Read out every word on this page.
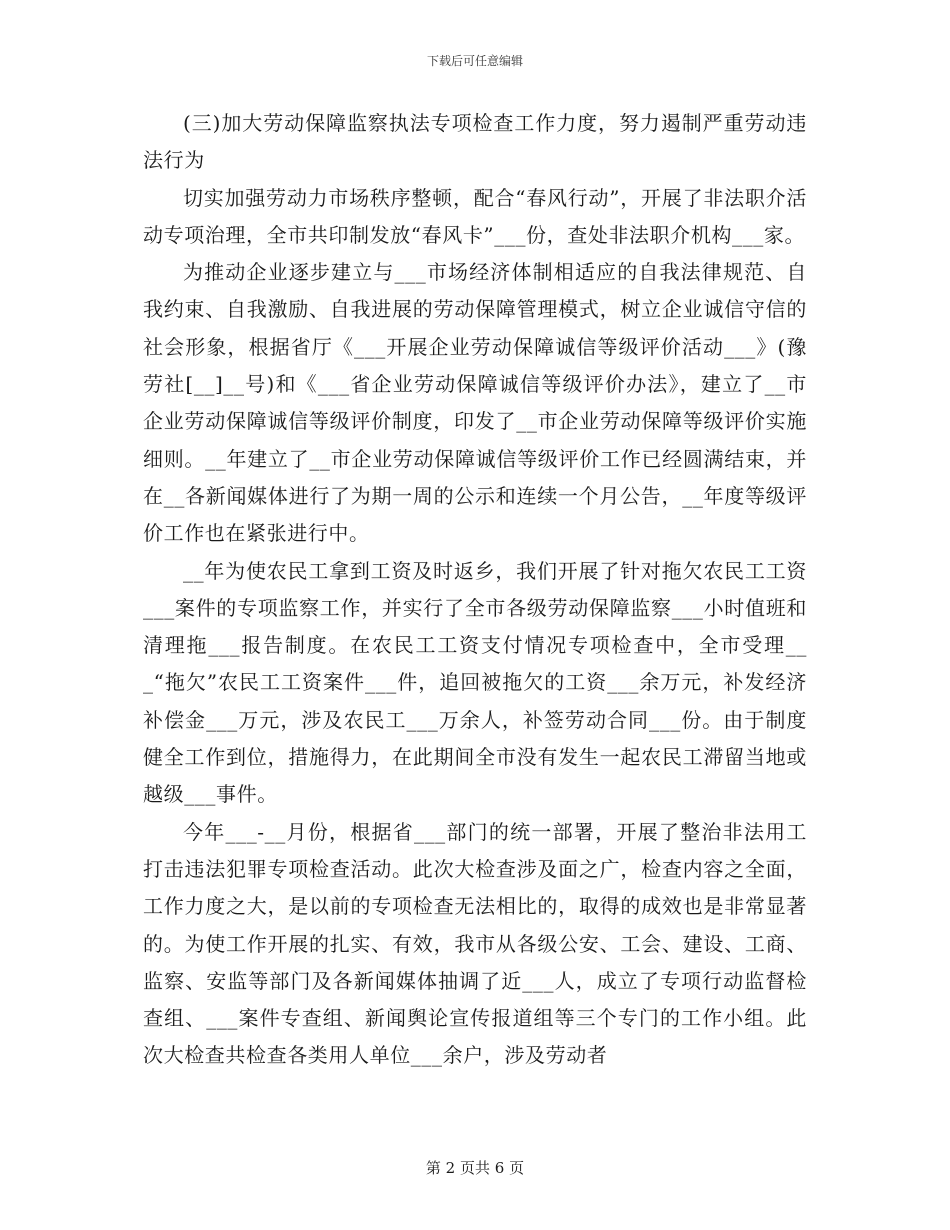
下载后可任意编辑

(三)加大劳动保障监察执法专项检查工作力度，努力遏制严重劳动违法行为

切实加强劳动力市场秩序整顿，配合“春风行动”，开展了非法职介活动专项治理，全市共印制发放“春风卡”___份，查处非法职介机构___家。

为推动企业逐步建立与___市场经济体制相适应的自我法律规范、自我约束、自我激励、自我进展的劳动保障管理模式，树立企业诚信守信的社会形象，根据省厅《___开展企业劳动保障诚信等级评价活动___》(豫劳社[__]__号)和《___省企业劳动保障诚信等级评价办法》，建立了__市企业劳动保障诚信等级评价制度，印发了__市企业劳动保障等级评价实施细则。__年建立了__市企业劳动保障诚信等级评价工作已经圆满结束，并在__各新闻媒体进行了为期一周的公示和连续一个月公告，__年度等级评价工作也在紧张进行中。

__年为使农民工拿到工资及时返乡，我们开展了针对拖欠农民工工资___案件的专项监察工作，并实行了全市各级劳动保障监察___小时值班和清理拖___报告制度。在农民工工资支付情况专项检查中，全市受理___“拖欠”农民工工资案件___件，追回被拖欠的工资___余万元，补发经济补偿金___万元，涉及农民工___万余人，补签劳动合同___份。由于制度健全工作到位，措施得力，在此期间全市没有发生一起农民工滞留当地或越级___事件。

今年___-__月份，根据省___部门的统一部署，开展了整治非法用工打击违法犯罪专项检查活动。此次大检查涉及面之广，检查内容之全面，工作力度之大，是以前的专项检查无法相比的，取得的成效也是非常显著的。为使工作开展的扎实、有效，我市从各级公安、工会、建设、工商、监察、安监等部门及各新闻媒体抽调了近___人，成立了专项行动监督检查组、___案件专查组、新闻舆论宣传报道组等三个专门的工作小组。此次大检查共检查各类用人单位___余户，涉及劳动者

第 2 页共 6 页
